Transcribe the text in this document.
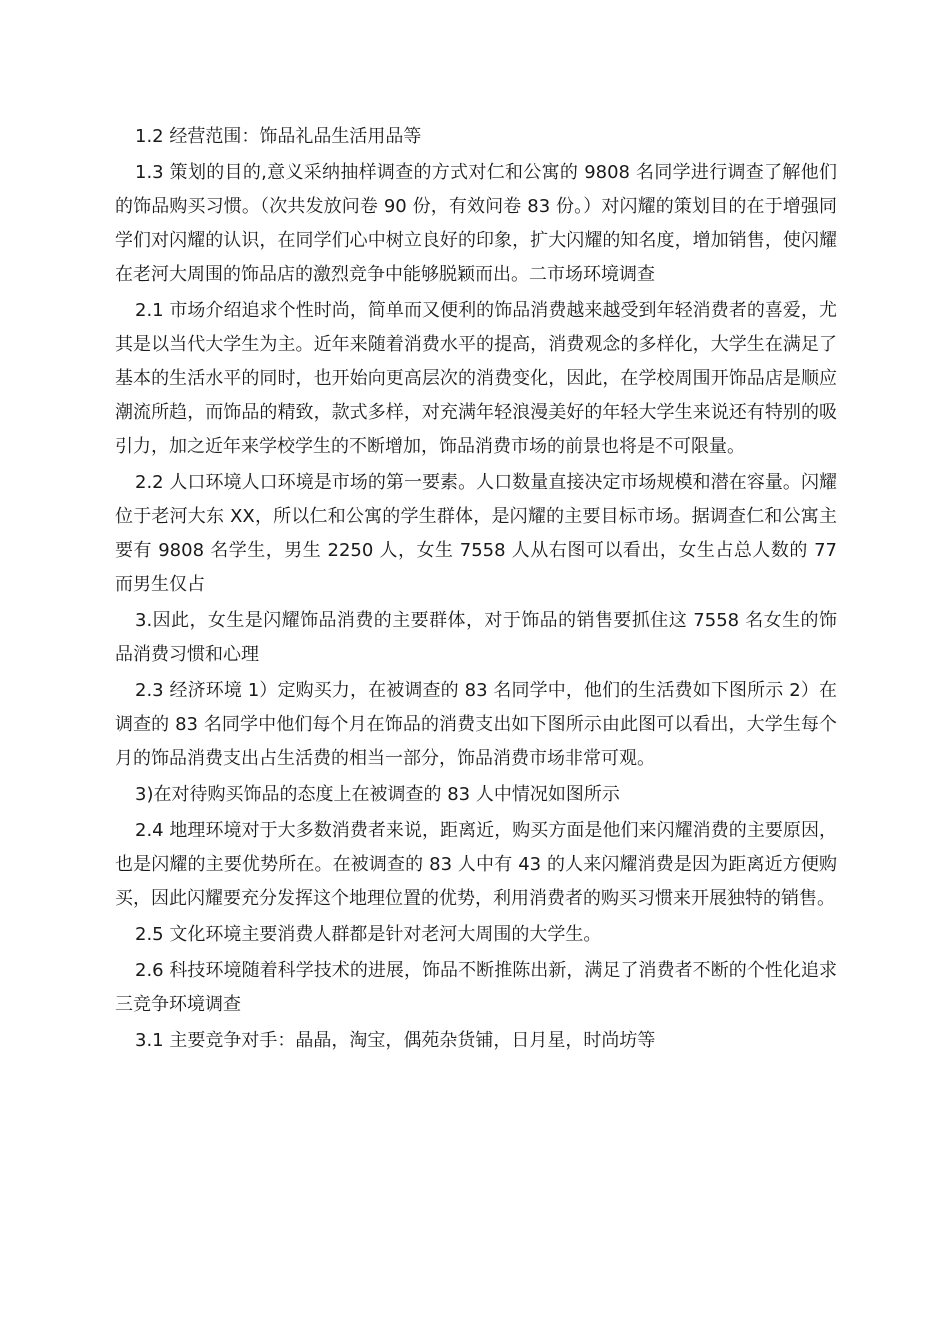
1.2 经营范围：饰品礼品生活用品等

1.3 策划的目的,意义采纳抽样调查的方式对仁和公寓的 9808 名同学进行调查了解他们的饰品购买习惯。（次共发放问卷 90 份，有效问卷 83 份。）对闪耀的策划目的在于增强同学们对闪耀的认识，在同学们心中树立良好的印象，扩大闪耀的知名度，增加销售，使闪耀在老河大周围的饰品店的激烈竞争中能够脱颖而出。二市场环境调查

2.1 市场介绍追求个性时尚，简单而又便利的饰品消费越来越受到年轻消费者的喜爱，尤其是以当代大学生为主。近年来随着消费水平的提高，消费观念的多样化，大学生在满足了基本的生活水平的同时，也开始向更高层次的消费变化，因此，在学校周围开饰品店是顺应潮流所趋，而饰品的精致，款式多样，对充满年轻浪漫美好的年轻大学生来说还有特别的吸引力，加之近年来学校学生的不断增加，饰品消费市场的前景也将是不可限量。

2.2 人口环境人口环境是市场的第一要素。人口数量直接决定市场规模和潜在容量。闪耀位于老河大东 XX，所以仁和公寓的学生群体，是闪耀的主要目标市场。据调查仁和公寓主要有 9808 名学生，男生 2250 人，女生 7558 人从右图可以看出，女生占总人数的 77 而男生仅占

3.因此，女生是闪耀饰品消费的主要群体，对于饰品的销售要抓住这 7558 名女生的饰品消费习惯和心理

2.3 经济环境 1）定购买力，在被调查的 83 名同学中，他们的生活费如下图所示 2）在调查的 83 名同学中他们每个月在饰品的消费支出如下图所示由此图可以看出，大学生每个月的饰品消费支出占生活费的相当一部分，饰品消费市场非常可观。

3)在对待购买饰品的态度上在被调查的 83 人中情况如图所示

2.4 地理环境对于大多数消费者来说，距离近，购买方面是他们来闪耀消费的主要原因，也是闪耀的主要优势所在。在被调查的 83 人中有 43 的人来闪耀消费是因为距离近方便购买，因此闪耀要充分发挥这个地理位置的优势，利用消费者的购买习惯来开展独特的销售。

2.5 文化环境主要消费人群都是针对老河大周围的大学生。

2.6 科技环境随着科学技术的进展，饰品不断推陈出新，满足了消费者不断的个性化追求三竞争环境调查

3.1 主要竞争对手：晶晶，淘宝，偶苑杂货铺，日月星，时尚坊等
